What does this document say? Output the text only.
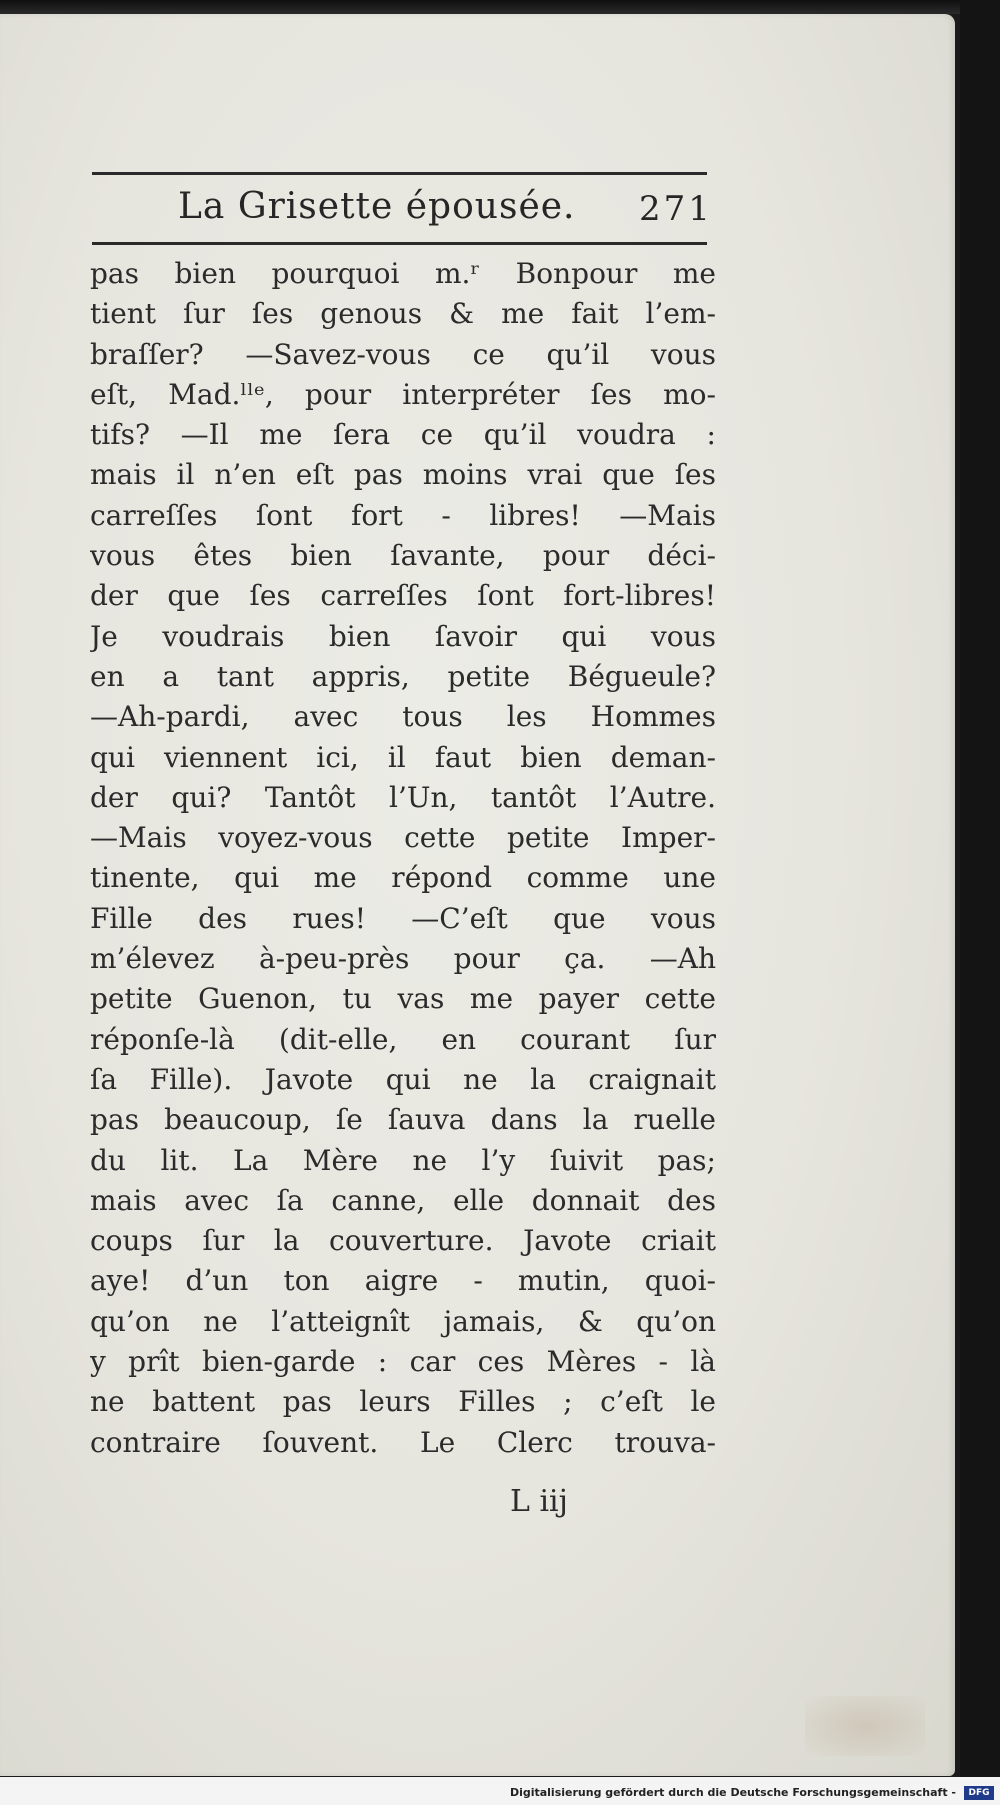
La Grisette épousée. 271
pas bien pourquoi m.ʳ Bonpour me
tient ſur ſes genous & me fait l’em-
braſſer? —Savez-vous ce qu’il vous
eſt, Mad.ˡˡᵉ, pour interpréter ſes mo-
tifs? —Il me ſera ce qu’il voudra :
mais il n’en eſt pas moins vrai que ſes
carreſſes ſont fort - libres! —Mais
vous êtes bien ſavante, pour déci-
der que ſes carreſſes ſont fort-libres!
Je voudrais bien ſavoir qui vous
en a tant appris, petite Bégueule?
—Ah-pardi, avec tous les Hommes
qui viennent ici, il faut bien deman-
der qui? Tantôt l’Un, tantôt l’Autre.
—Mais voyez-vous cette petite Imper-
tinente, qui me répond comme une
Fille des rues! —C’eſt que vous
m’élevez à-peu-près pour ça. —Ah
petite Guenon, tu vas me payer cette
réponſe-là (dit-elle, en courant ſur
ſa Fille). Javote qui ne la craignait
pas beaucoup, ſe ſauva dans la ruelle
du lit. La Mère ne l’y ſuivit pas;
mais avec ſa canne, elle donnait des
coups ſur la couverture. Javote criait
aye! d’un ton aigre - mutin, quoi-
qu’on ne l’atteignît jamais, & qu’on
y prît bien-garde : car ces Mères - là
ne battent pas leurs Filles ; c’eſt le
contraire ſouvent. Le Clerc trouva-
L iij
Digitalisierung gefördert durch die Deutsche Forschungsgemeinschaft -	DFG
